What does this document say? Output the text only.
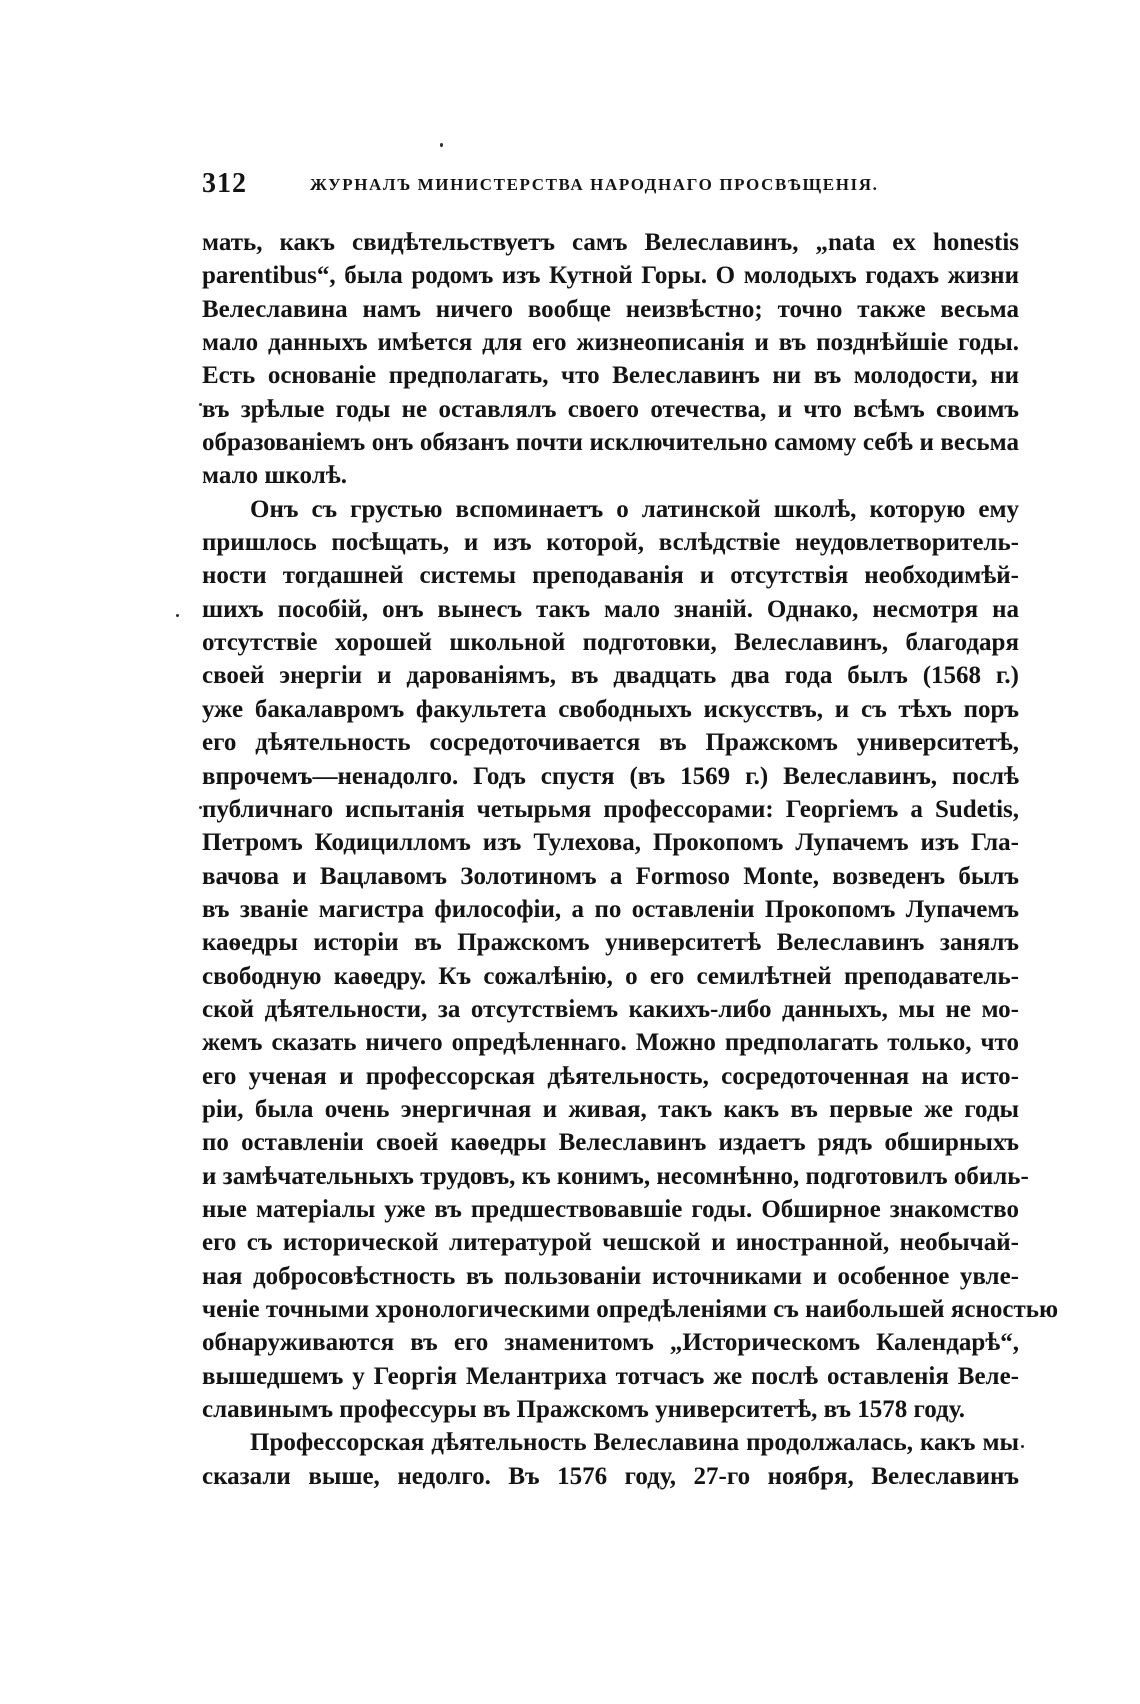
312	ЖУРНАЛЪ МИНИСТЕРСТВА НАРОДНАГО ПРОСВѢЩЕНІЯ.
мать, какъ свидѣтельствуетъ самъ Велеславинъ, „nata ex honestis
parentibus“, была родомъ изъ Кутной Горы. О молодыхъ годахъ жизни
Велеславина намъ ничего вообще неизвѣстно; точно также весьма
мало данныхъ имѣется для его жизнеописанія и въ позднѣйшіе годы.
Есть основаніе предполагать, что Велеславинъ ни въ молодости, ни
въ зрѣлые годы не оставлялъ своего отечества, и что всѣмъ своимъ
образованіемъ онъ обязанъ почти исключительно самому себѣ и весьма
мало школѣ.
Онъ съ грустью вспоминаетъ о латинской школѣ, которую ему
пришлось посѣщать, и изъ которой, вслѣдствіе неудовлетворитель-
ности тогдашней системы преподаванія и отсутствія необходимѣй-
шихъ пособій, онъ вынесъ такъ мало знаній. Однако, несмотря на
отсутствіе хорошей школьной подготовки, Велеславинъ, благодаря
своей энергіи и дарованіямъ, въ двадцать два года былъ (1568 г.)
уже бакалавромъ факультета свободныхъ искусствъ, и съ тѣхъ поръ
его дѣятельность сосредоточивается въ Пражскомъ университетѣ,
впрочемъ—ненадолго. Годъ спустя (въ 1569 г.) Велеславинъ, послѣ
публичнаго испытанія четырьмя профессорами: Георгіемъ a Sudetis,
Петромъ Кодицилломъ изъ Тулехова, Прокопомъ Лупачемъ изъ Гла-
вачова и Вацлавомъ Золотиномъ a Formoso Monte, возведенъ былъ
въ званіе магистра философіи, а по оставленіи Прокопомъ Лупачемъ
каѳедры исторіи въ Пражскомъ университетѣ Велеславинъ занялъ
свободную каѳедру. Къ сожалѣнію, о его семилѣтней преподаватель-
ской дѣятельности, за отсутствіемъ какихъ-либо данныхъ, мы не мо-
жемъ сказать ничего опредѣленнаго. Можно предполагать только, что
его ученая и профессорская дѣятельность, сосредоточенная на исто-
ріи, была очень энергичная и живая, такъ какъ въ первые же годы
по оставленіи своей каѳедры Велеславинъ издаетъ рядъ обширныхъ
и замѣчательныхъ трудовъ, къ конимъ, несомнѣнно, подготовилъ обиль-
ные матеріалы уже въ предшествовавшіе годы. Обширное знакомство
его съ исторической литературой чешской и иностранной, необычай-
ная добросовѣстность въ пользованіи источниками и особенное увле-
ченіе точными хронологическими опредѣленіями съ наибольшей ясностью
обнаруживаются въ его знаменитомъ „Историческомъ Календарѣ“,
вышедшемъ у Георгія Мелантриха тотчасъ же послѣ оставленія Веле-
славинымъ профессуры въ Пражскомъ университетѣ, въ 1578 году.
Профессорская дѣятельность Велеславина продолжалась, какъ мы
сказали выше, недолго. Въ 1576 году, 27-го ноября, Велеславинъ
